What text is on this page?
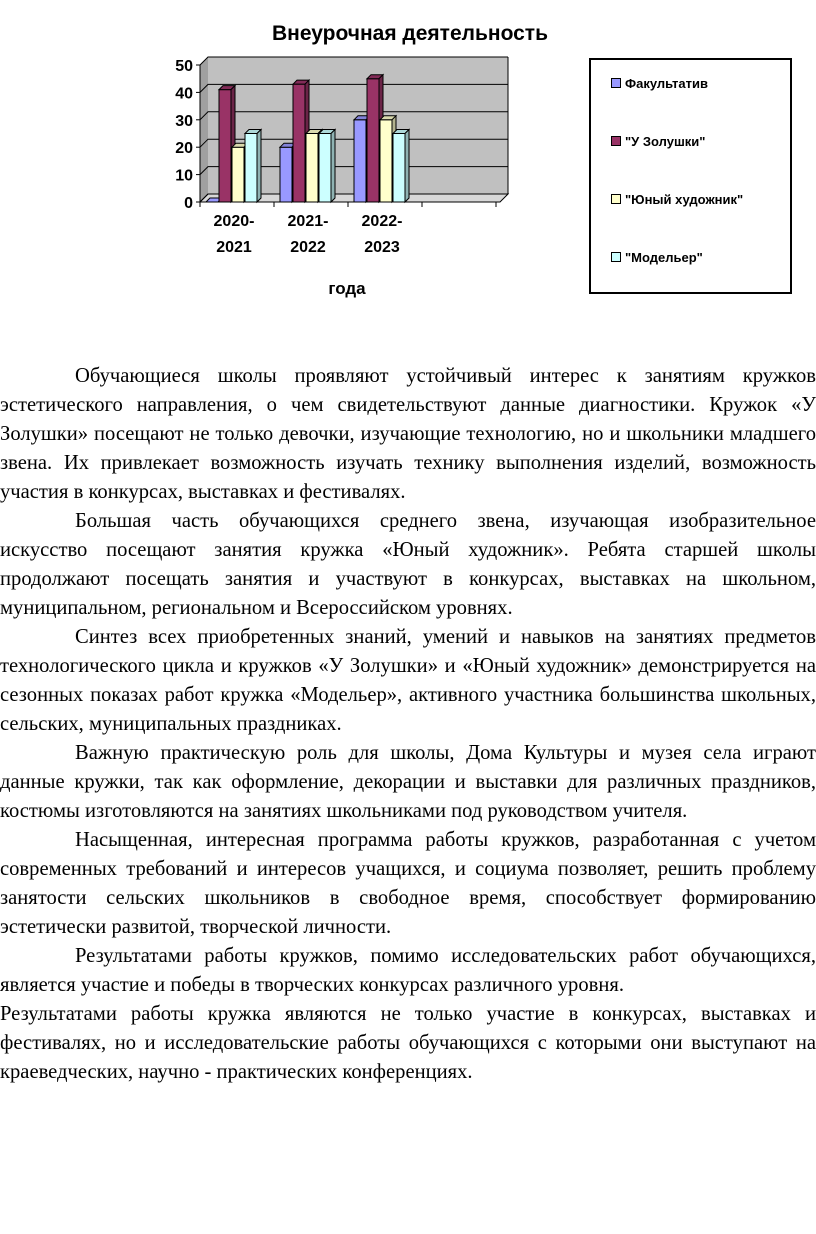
Внеурочная деятельность
0
10
20
30
40
50
2020-
2021
2021-
2022
2022-
2023
года
Факультатив
"У Золушки"
"Юный художник"
"Модельер"

Обучающиеся школы проявляют устойчивый интерес к занятиям кружков эстетического направления, о чем свидетельствуют данные диагностики. Кружок «У Золушки» посещают не только девочки, изучающие технологию, но и школьники младшего звена. Их привлекает возможность изучать технику выполнения изделий, возможность участия в конкурсах, выставках и фестивалях.

Большая часть обучающихся среднего звена, изучающая изобразительное искусство посещают занятия кружка «Юный художник». Ребята старшей школы продолжают посещать занятия и участвуют в конкурсах, выставках на школьном, муниципальном, региональном и Всероссийском уровнях.

Синтез всех приобретенных знаний, умений и навыков на занятиях предметов технологического цикла и кружков «У Золушки» и «Юный художник» демонстрируется на сезонных показах работ кружка «Модельер», активного участника большинства школьных, сельских, муниципальных праздниках.

Важную практическую роль для школы, Дома Культуры и музея села играют данные кружки, так как оформление, декорации и выставки для различных праздников, костюмы изготовляются на занятиях школьниками под руководством учителя.

Насыщенная, интересная программа работы кружков, разработанная с учетом современных требований и интересов учащихся, и социума позволяет, решить проблему занятости сельских школьников в свободное время, способствует формированию эстетически развитой, творческой личности.

Результатами работы кружков, помимо исследовательских работ обучающихся, является участие и победы в творческих конкурсах различного уровня.

Результатами работы кружка являются не только участие в конкурсах, выставках и фестивалях, но и исследовательские работы обучающихся с которыми они выступают на краеведческих, научно - практических конференциях.
